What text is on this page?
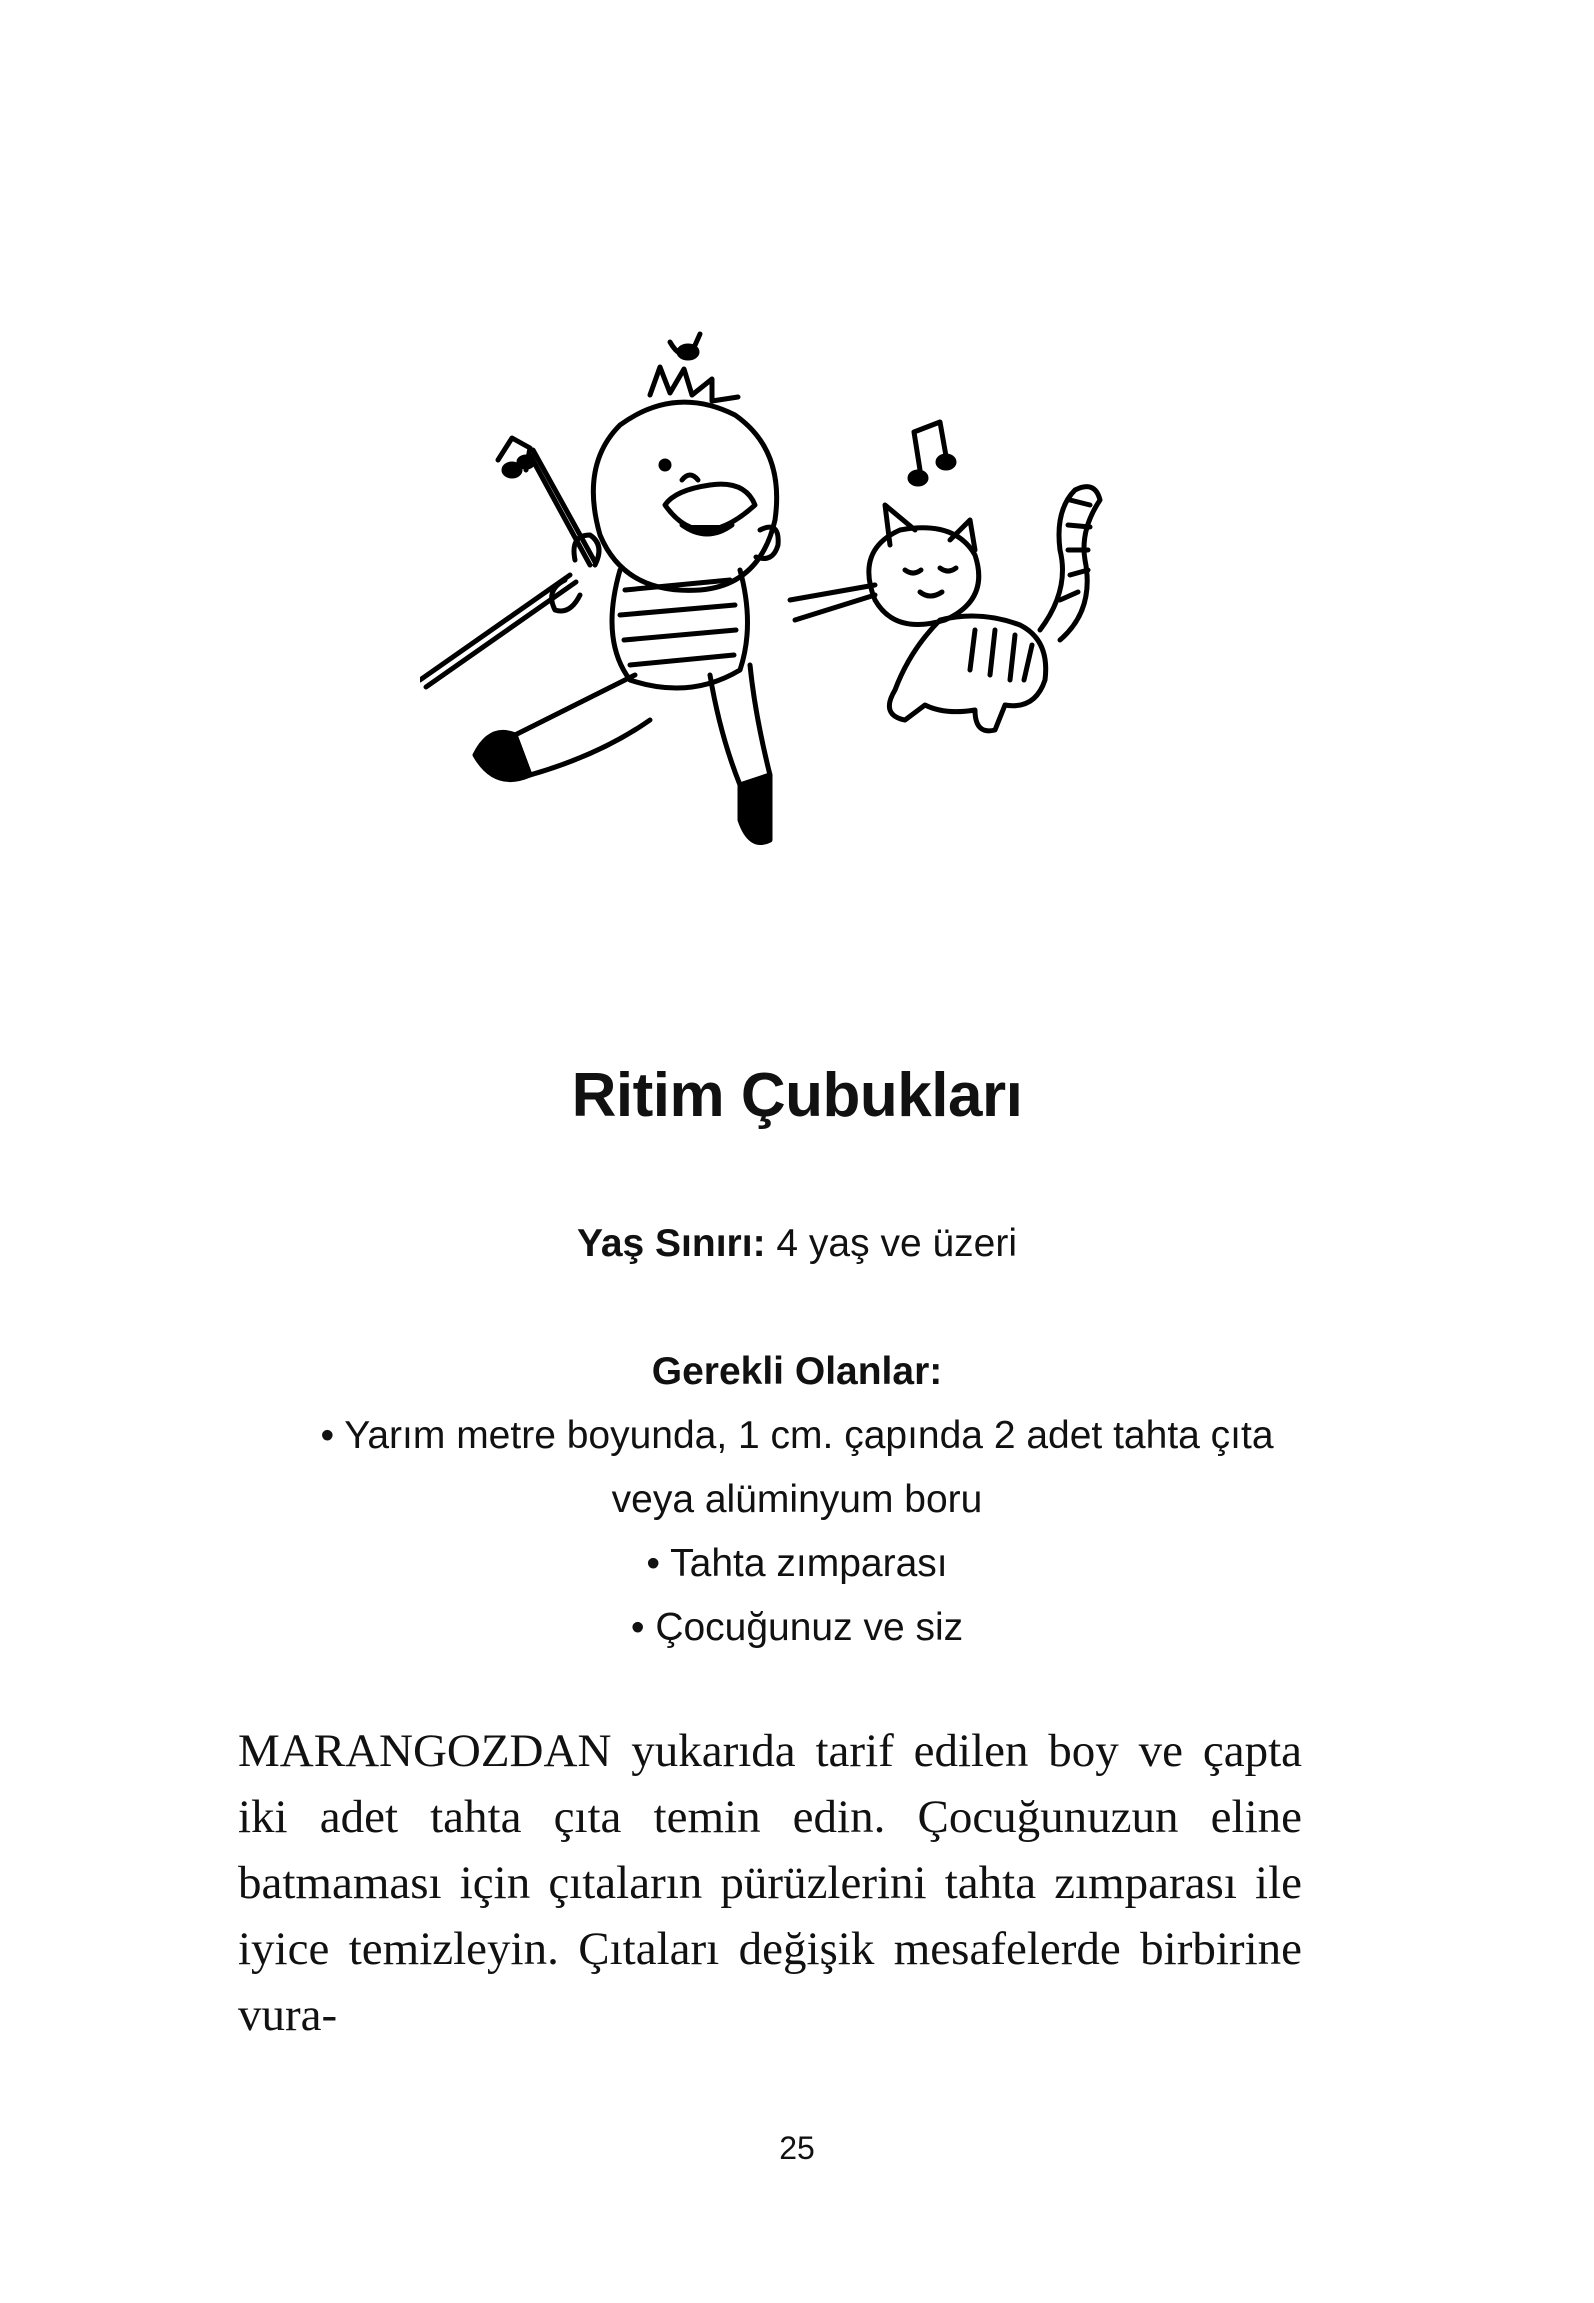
Ritim Çubukları
Yaş Sınırı: 4 yaş ve üzeri
Gerekli Olanlar:
• Yarım metre boyunda, 1 cm. çapında 2 adet tahta çıta
veya alüminyum boru
• Tahta zımparası
• Çocuğunuz ve siz
MARANGOZDAN yukarıda tarif edilen boy ve çapta iki adet tahta çıta temin edin. Çocuğunuzun eline batmaması için çıtaların pürüzlerini tahta zımparası ile iyice temizleyin. Çıtaları değişik mesafelerde birbirine vura-
25
